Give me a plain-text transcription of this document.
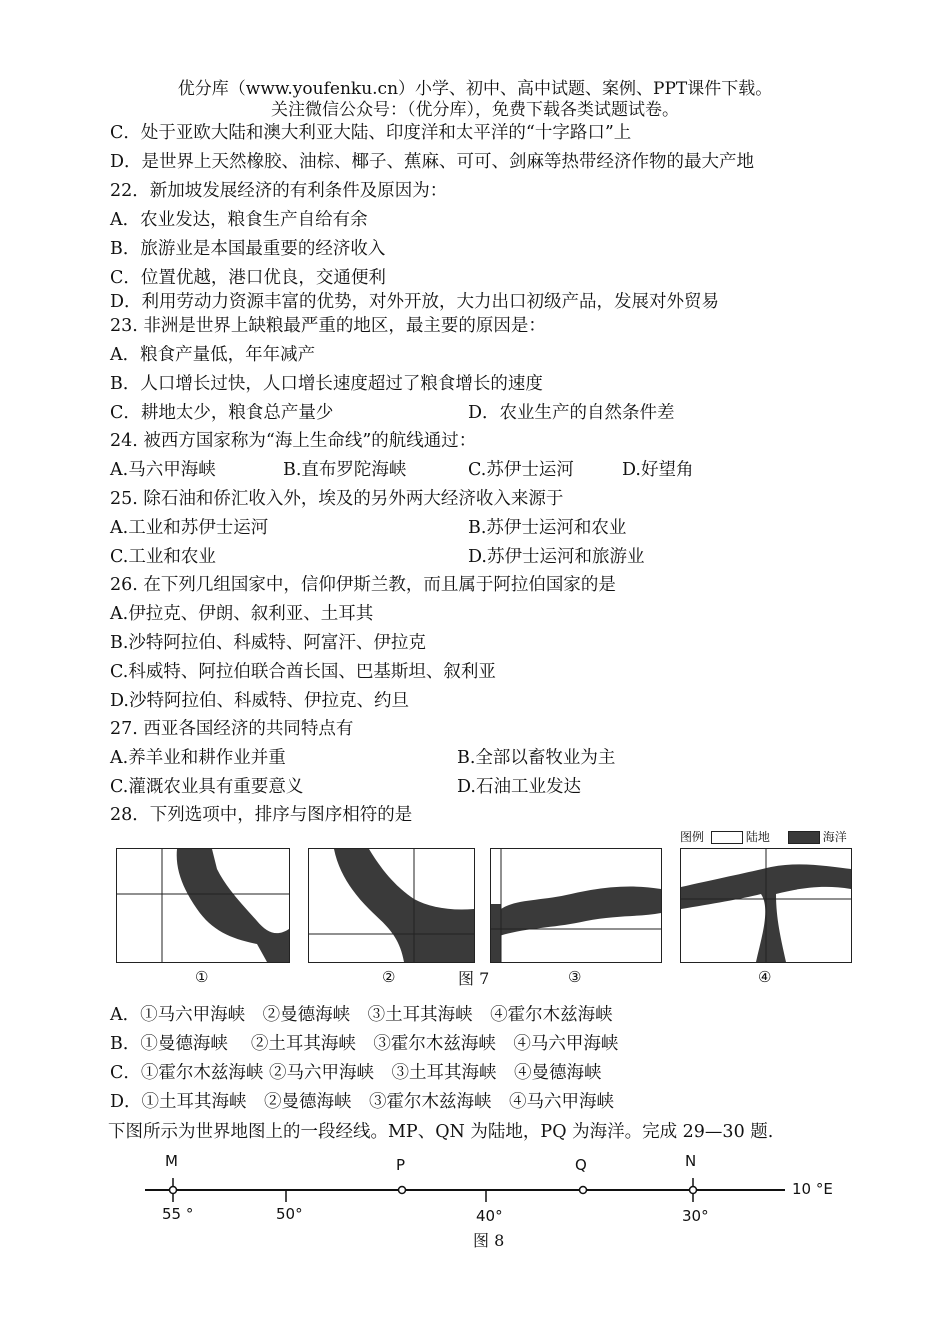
优分库（www.youfenku.cn）小学、初中、高中试题、案例、PPT课件下载。
关注微信公众号：（优分库），免费下载各类试题试卷。
C．处于亚欧大陆和澳大利亚大陆、印度洋和太平洋的“十字路口”上
D．是世界上天然橡胶、油棕、椰子、蕉麻、可可、剑麻等热带经济作物的最大产地
22．新加坡发展经济的有利条件及原因为：
A．农业发达，粮食生产自给有余
B．旅游业是本国最重要的经济收入
C．位置优越，港口优良，交通便利
D．利用劳动力资源丰富的优势，对外开放，大力出口初级产品，发展对外贸易
23. 非洲是世界上缺粮最严重的地区，最主要的原因是：
A．粮食产量低，年年减产
B．人口增长过快，人口增长速度超过了粮食增长的速度
C．耕地太少，粮食总产量少	D．农业生产的自然条件差
24. 被西方国家称为“海上生命线”的航线通过：
A.马六甲海峡	B.直布罗陀海峡	C.苏伊士运河	D.好望角
25. 除石油和侨汇收入外，埃及的另外两大经济收入来源于
A.工业和苏伊士运河	B.苏伊士运河和农业
C.工业和农业	D.苏伊士运河和旅游业
26. 在下列几组国家中，信仰伊斯兰教，而且属于阿拉伯国家的是
A.伊拉克、伊朗、叙利亚、土耳其
B.沙特阿拉伯、科威特、阿富汗、伊拉克
C.科威特、阿拉伯联合酋长国、巴基斯坦、叙利亚
D.沙特阿拉伯、科威特、伊拉克、约旦
27. 西亚各国经济的共同特点有
A.养羊业和耕作业并重	B.全部以畜牧业为主
C.灌溉农业具有重要意义	D.石油工业发达
28．下列选项中，排序与图序相符的是
图例	陆地	海洋
①	②	③	④
图 7
A．①马六甲海峡　②曼德海峡　③土耳其海峡　④霍尔木兹海峡
B．①曼德海峡　 ②土耳其海峡　③霍尔木兹海峡　④马六甲海峡
C．①霍尔木兹海峡 ②马六甲海峡　③土耳其海峡　④曼德海峡
D．①土耳其海峡　②曼德海峡　③霍尔木兹海峡　④马六甲海峡
下图所示为世界地图上的一段经线。MP、QN 为陆地，PQ 为海洋。完成 29—30 题.
M	P	Q	N
55 °	50°	40°	30°
10 °E
图 8
